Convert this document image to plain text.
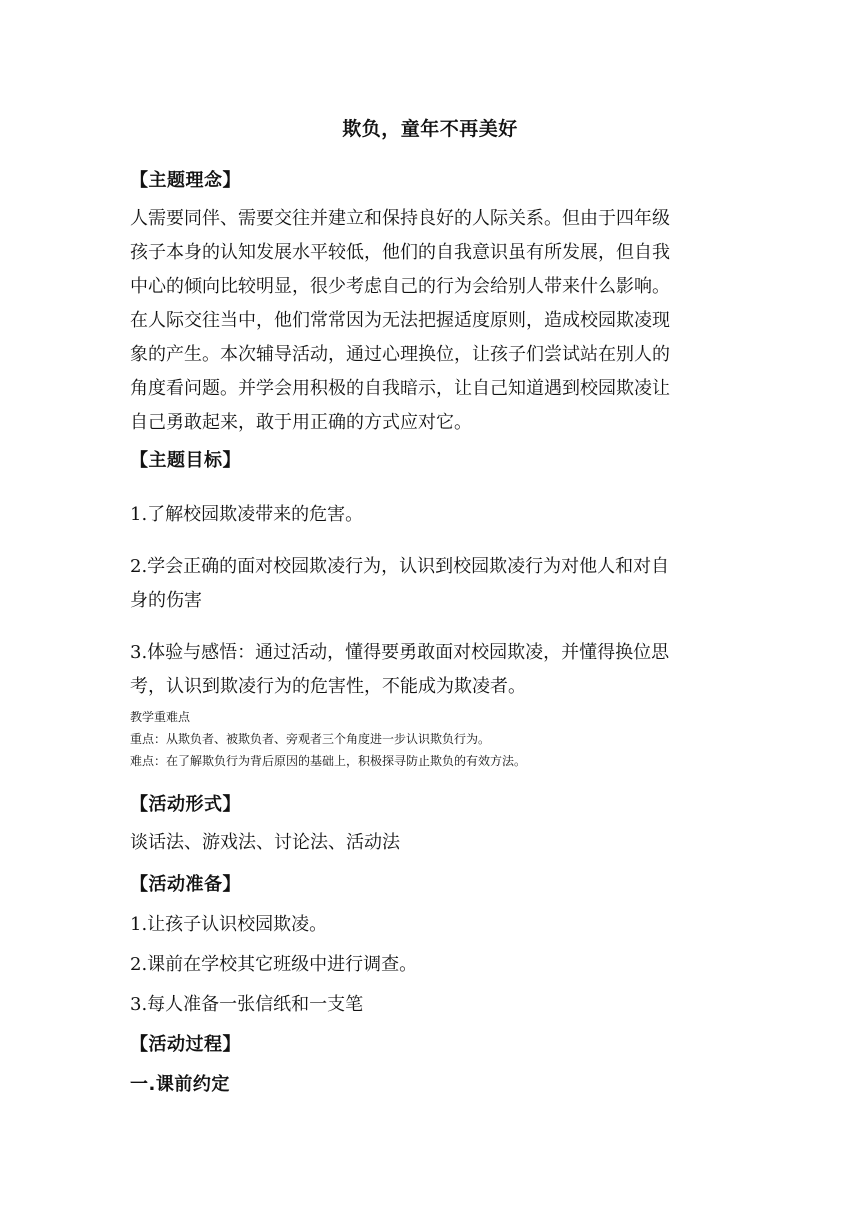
欺负，童年不再美好
【主题理念】
人需要同伴、需要交往并建立和保持良好的人际关系。但由于四年级
孩子本身的认知发展水平较低，他们的自我意识虽有所发展，但自我
中心的倾向比较明显，很少考虑自己的行为会给别人带来什么影响。
在人际交往当中，他们常常因为无法把握适度原则，造成校园欺凌现
象的产生。本次辅导活动，通过心理换位，让孩子们尝试站在别人的
角度看问题。并学会用积极的自我暗示，让自己知道遇到校园欺凌让
自己勇敢起来，敢于用正确的方式应对它。
【主题目标】
1.了解校园欺凌带来的危害。
2.学会正确的面对校园欺凌行为，认识到校园欺凌行为对他人和对自
身的伤害
3.体验与感悟：通过活动，懂得要勇敢面对校园欺凌，并懂得换位思
考，认识到欺凌行为的危害性，不能成为欺凌者。
教学重难点
重点：从欺负者、被欺负者、旁观者三个角度进一步认识欺负行为。
难点：在了解欺负行为背后原因的基础上，积极探寻防止欺负的有效方法。
【活动形式】
谈话法、游戏法、讨论法、活动法
【活动准备】
1.让孩子认识校园欺凌。
2.课前在学校其它班级中进行调查。
3.每人准备一张信纸和一支笔
【活动过程】
一.课前约定
